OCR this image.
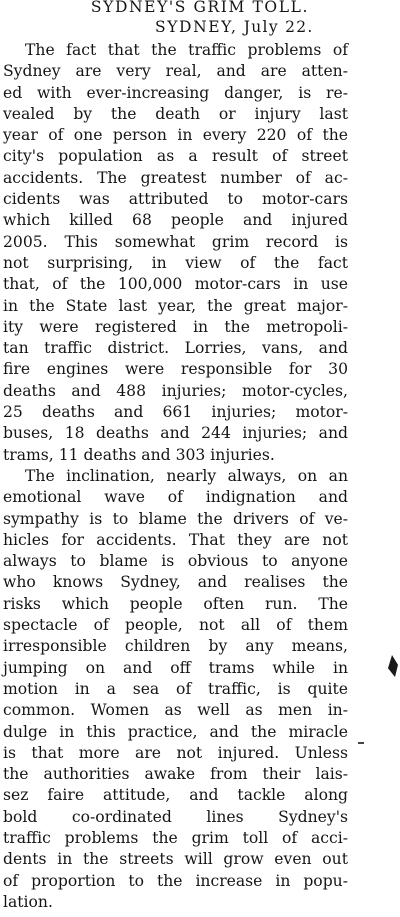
SYDNEY'S GRIM TOLL.
SYDNEY, July 22.
The fact that the traffic problems of
Sydney are very real, and are atten-
ed with ever-increasing danger, is re-
vealed by the death or injury last
year of one person in every 220 of the
city's population as a result of street
accidents. The greatest number of ac-
cidents was attributed to motor-cars
which killed 68 people and injured
2005. This somewhat grim record is
not surprising, in view of the fact
that, of the 100,000 motor-cars in use
in the State last year, the great major-
ity were registered in the metropoli-
tan traffic district. Lorries, vans, and
fire engines were responsible for 30
deaths and 488 injuries; motor-cycles,
25 deaths and 661 injuries; motor-
buses, 18 deaths and 244 injuries; and
trams, 11 deaths and 303 injuries.
The inclination, nearly always, on an
emotional wave of indignation and
sympathy is to blame the drivers of ve-
hicles for accidents. That they are not
always to blame is obvious to anyone
who knows Sydney, and realises the
risks which people often run. The
spectacle of people, not all of them
irresponsible children by any means,
jumping on and off trams while in
motion in a sea of traffic, is quite
common. Women as well as men in-
dulge in this practice, and the miracle
is that more are not injured. Unless
the authorities awake from their lais-
sez faire attitude, and tackle along
bold co-ordinated lines Sydney's
traffic problems the grim toll of acci-
dents in the streets will grow even out
of proportion to the increase in popu-
lation.
